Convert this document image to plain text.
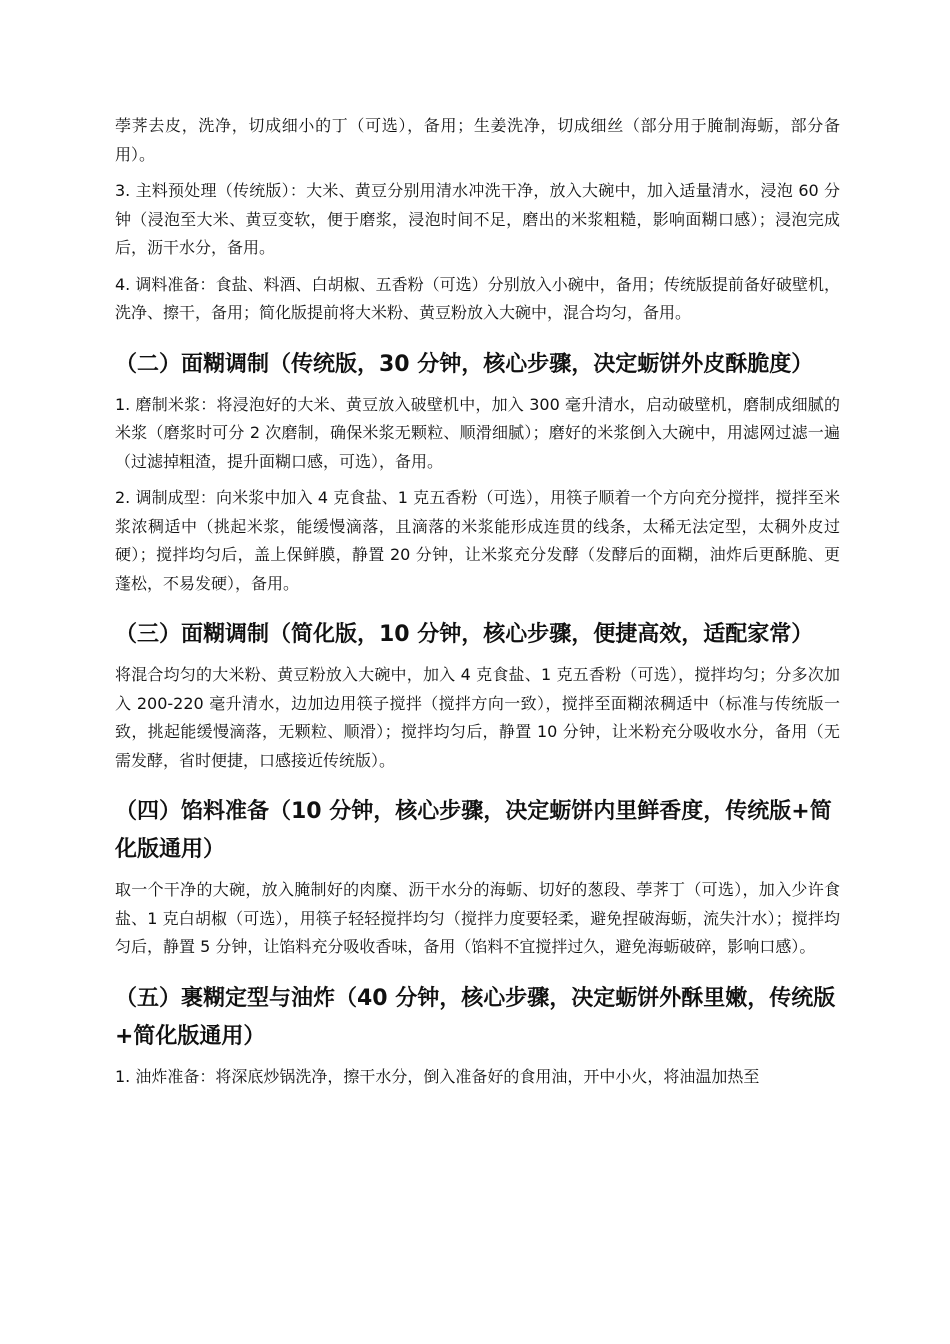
荸荠去皮，洗净，切成细小的丁（可选），备用；生姜洗净，切成细丝（部分用于腌制海蛎，部分备用）。

3. 主料预处理（传统版）：大米、黄豆分别用清水冲洗干净，放入大碗中，加入适量清水，浸泡 60 分钟（浸泡至大米、黄豆变软，便于磨浆，浸泡时间不足，磨出的米浆粗糙，影响面糊口感）；浸泡完成后，沥干水分，备用。

4. 调料准备：食盐、料酒、白胡椒、五香粉（可选）分别放入小碗中，备用；传统版提前备好破壁机，洗净、擦干，备用；简化版提前将大米粉、黄豆粉放入大碗中，混合均匀，备用。

（二）面糊调制（传统版，30 分钟，核心步骤，决定蛎饼外皮酥脆度）

1. 磨制米浆：将浸泡好的大米、黄豆放入破壁机中，加入 300 毫升清水，启动破壁机，磨制成细腻的米浆（磨浆时可分 2 次磨制，确保米浆无颗粒、顺滑细腻）；磨好的米浆倒入大碗中，用滤网过滤一遍（过滤掉粗渣，提升面糊口感，可选），备用。

2. 调制成型：向米浆中加入 4 克食盐、1 克五香粉（可选），用筷子顺着一个方向充分搅拌，搅拌至米浆浓稠适中（挑起米浆，能缓慢滴落，且滴落的米浆能形成连贯的线条，太稀无法定型，太稠外皮过硬）；搅拌均匀后，盖上保鲜膜，静置 20 分钟，让米浆充分发酵（发酵后的面糊，油炸后更酥脆、更蓬松，不易发硬），备用。

（三）面糊调制（简化版，10 分钟，核心步骤，便捷高效，适配家常）

将混合均匀的大米粉、黄豆粉放入大碗中，加入 4 克食盐、1 克五香粉（可选），搅拌均匀；分多次加入 200-220 毫升清水，边加边用筷子搅拌（搅拌方向一致），搅拌至面糊浓稠适中（标准与传统版一致，挑起能缓慢滴落，无颗粒、顺滑）；搅拌均匀后，静置 10 分钟，让米粉充分吸收水分，备用（无需发酵，省时便捷，口感接近传统版）。

（四）馅料准备（10 分钟，核心步骤，决定蛎饼内里鲜香度，传统版+简化版通用）

取一个干净的大碗，放入腌制好的肉糜、沥干水分的海蛎、切好的葱段、荸荠丁（可选），加入少许食盐、1 克白胡椒（可选），用筷子轻轻搅拌均匀（搅拌力度要轻柔，避免捏破海蛎，流失汁水）；搅拌均匀后，静置 5 分钟，让馅料充分吸收香味，备用（馅料不宜搅拌过久，避免海蛎破碎，影响口感）。

（五）裹糊定型与油炸（40 分钟，核心步骤，决定蛎饼外酥里嫩，传统版+简化版通用）

1. 油炸准备：将深底炒锅洗净，擦干水分，倒入准备好的食用油，开中小火，将油温加热至
